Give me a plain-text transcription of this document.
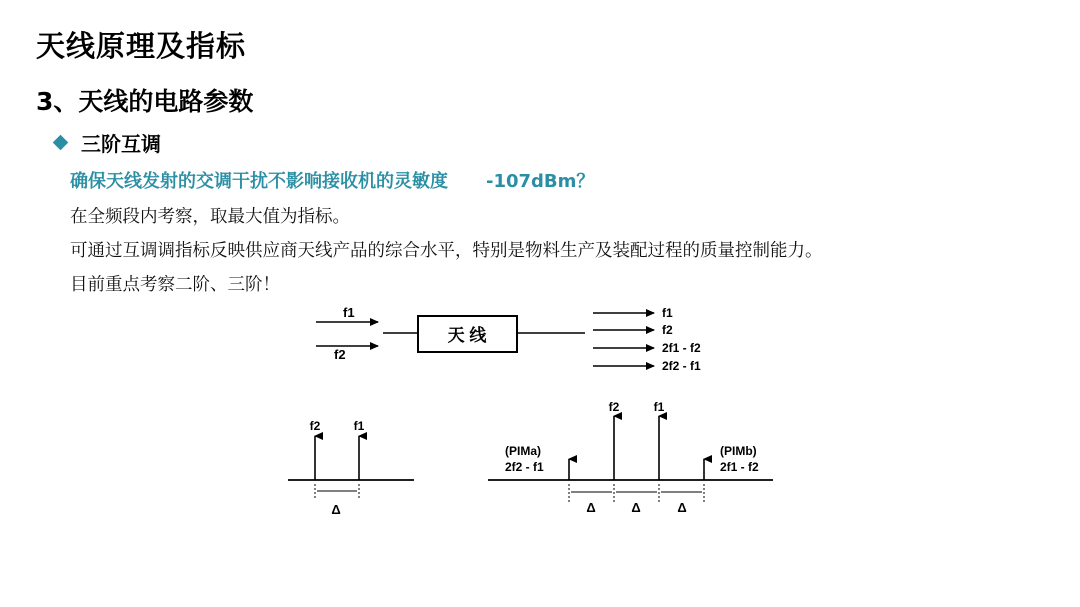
天线原理及指标
3、天线的电路参数
三阶互调
确保天线发射的交调干扰不影响接收机的灵敏度 -107dBm？
在全频段内考察，取最大值为指标。
可通过互调调指标反映供应商天线产品的综合水平，特别是物料生产及装配过程的质量控制能力。
目前重点考察二阶、三阶！
f1
f2
天 线
f1
f2
2f1 - f2
2f2 - f1
f2	f1
Δ
f2	f1
(PIMa)
2f2 - f1
(PIMb)
2f1 - f2
Δ	Δ	Δ
